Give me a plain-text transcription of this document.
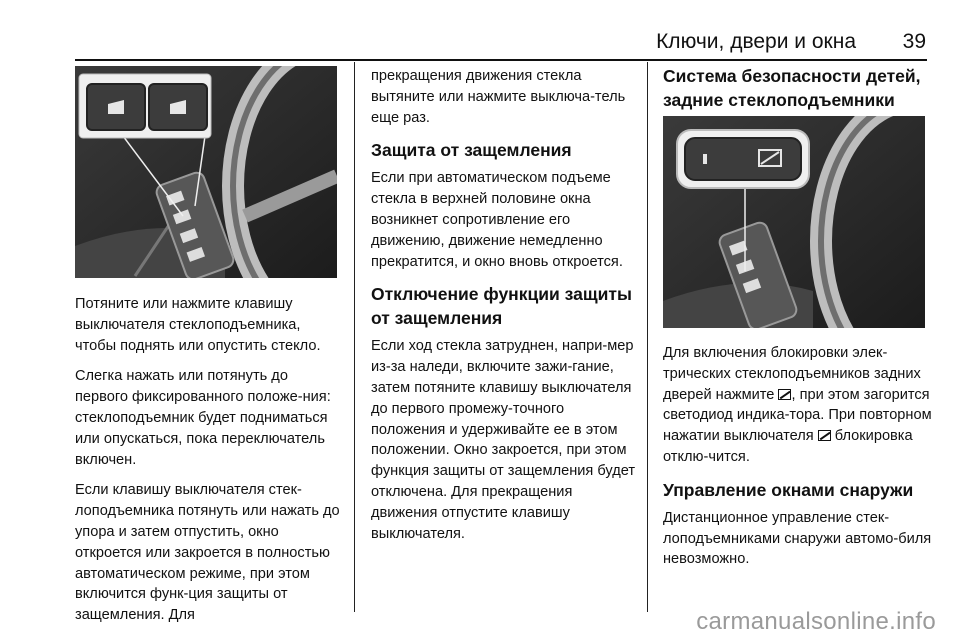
Ключи, двери и окна 39

Потяните или нажмите клавишу выключателя стеклоподъемника, чтобы поднять или опустить стекло.

Слегка нажать или потянуть до первого фиксированного положе-ния: стеклоподъемник будет подниматься или опускаться, пока переключатель включен.

Если клавишу выключателя стек-лоподъемника потянуть или нажать до упора и затем отпустить, окно откроется или закроется в полностью автоматическом режиме, при этом включится функ-ция защиты от защемления. Для

прекращения движения стекла вытяните или нажмите выключа-тель еще раз.

Защита от защемления

Если при автоматическом подъеме стекла в верхней половине окна возникнет сопротивление его движению, движение немедленно прекратится, и окно вновь откроется.

Отключение функции защиты от защемления

Если ход стекла затруднен, напри-мер из-за наледи, включите зажи-гание, затем потяните клавишу выключателя до первого промежу-точного положения и удерживайте ее в этом положении. Окно закроется, при этом функция защиты от защемления будет отключена. Для прекращения движения отпустите клавишу выключателя.

Система безопасности детей, задние стеклоподъемники

Для включения блокировки элек-трических стеклоподъемников задних дверей нажмите
, при этом загорится светодиод индика-тора. При повторном нажатии выключателя
блокировка отклю-чится.

Управление окнами снаружи

Дистанционное управление стек-лоподъемниками снаружи автомо-биля невозможно.

carmanualsonline.info
